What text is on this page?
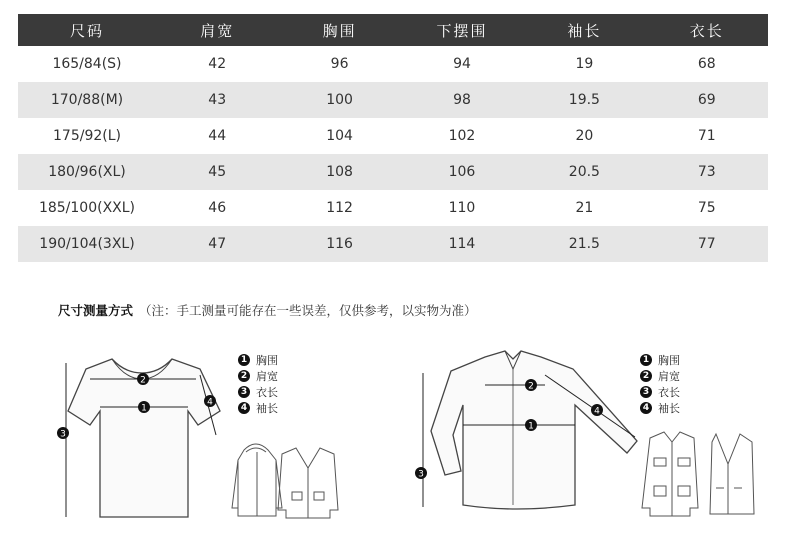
尺码	肩宽	胸围	下摆围	袖长	衣长
165/84(S)	42	96	94	19	68
170/88(M)	43	100	98	19.5	69
175/92(L)	44	104	102	20	71
180/96(XL)	45	108	106	20.5	73
185/100(XXL)	46	112	110	21	75
190/104(3XL)	47	116	114	21.5	77
尺寸测量方式 （注：手工测量可能存在一些误差，仅供参考，以实物为准）
2
1
3
4
1 胸围
2 肩宽
3 衣长
4 袖长
2
1
4
3
1 胸围
2 肩宽
3 衣长
4 袖长
